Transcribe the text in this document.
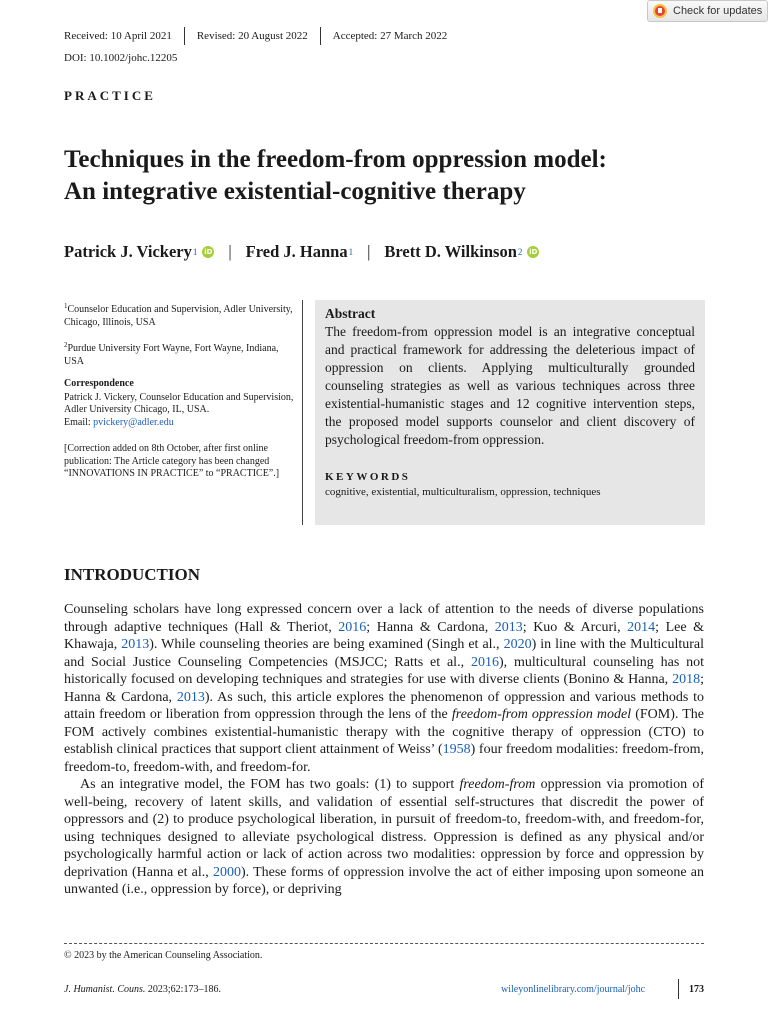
Check for updates
Received: 10 April 2021 Revised: 20 August 2022 Accepted: 27 March 2022
DOI: 10.1002/johc.12205
PRACTICE
Techniques in the freedom-from oppression model:
An integrative existential-cognitive therapy
Patrick J. Vickery 1 iD | Fred J. Hanna 1 | Brett D. Wilkinson 2 iD

$^1$Counselor Education and Supervision, Adler University, Chicago, Illinois, USA

$^2$Purdue University Fort Wayne, Fort Wayne, Indiana, USA

Correspondence

Patrick J. Vickery, Counselor Education and Supervision, Adler University Chicago, IL, USA.
Email: pvickery@adler.edu

[Correction added on 8th October, after first online publication: The Article category has been changed “INNOVATIONS IN PRACTICE” to “PRACTICE”.]

Abstract
The freedom-from oppression model is an integrative conceptual and practical framework for addressing the deleterious impact of oppression on clients. Applying multiculturally grounded counseling strategies as well as various techniques across three existential-humanistic stages and 12 cognitive intervention steps, the proposed model supports counselor and client discovery of psychological freedom-from oppression.
KEYWORDS
cognitive, existential, multiculturalism, oppression, techniques
INTRODUCTION

Counseling scholars have long expressed concern over a lack of attention to the needs of diverse populations through adaptive techniques (Hall & Theriot, 2016; Hanna & Cardona, 2013; Kuo & Arcuri, 2014; Lee & Khawaja, 2013). While counseling theories are being examined (Singh et al., 2020) in line with the Multicultural and Social Justice Counseling Competencies (MSJCC; Ratts et al., 2016), multicultural counseling has not historically focused on developing techniques and strategies for use with diverse clients (Bonino & Hanna, 2018; Hanna & Cardona, 2013). As such, this article explores the phenomenon of oppression and various methods to attain freedom or liberation from oppression through the lens of the freedom-from oppression model (FOM). The FOM actively combines existential-humanistic therapy with the cognitive therapy of oppression (CTO) to establish clinical practices that support client attainment of Weiss’ (1958) four freedom modalities: freedom-from, freedom-to, freedom-with, and freedom-for.

As an integrative model, the FOM has two goals: (1) to support freedom-from oppression via promotion of well-being, recovery of latent skills, and validation of essential self-structures that discredit the power of oppressors and (2) to produce psychological liberation, in pursuit of freedom-to, freedom-with, and freedom-for, using techniques designed to alleviate psychological distress. Oppression is defined as any physical and/or psychologically harmful action or lack of action across two modalities: oppression by force and oppression by deprivation (Hanna et al., 2000). These forms of oppression involve the act of either imposing upon someone an unwanted (i.e., oppression by force), or depriving

© 2023 by the American Counseling Association.
J. Humanist. Couns. 2023;62:173–186.	wileyonlinelibrary.com/journal/johc	173
